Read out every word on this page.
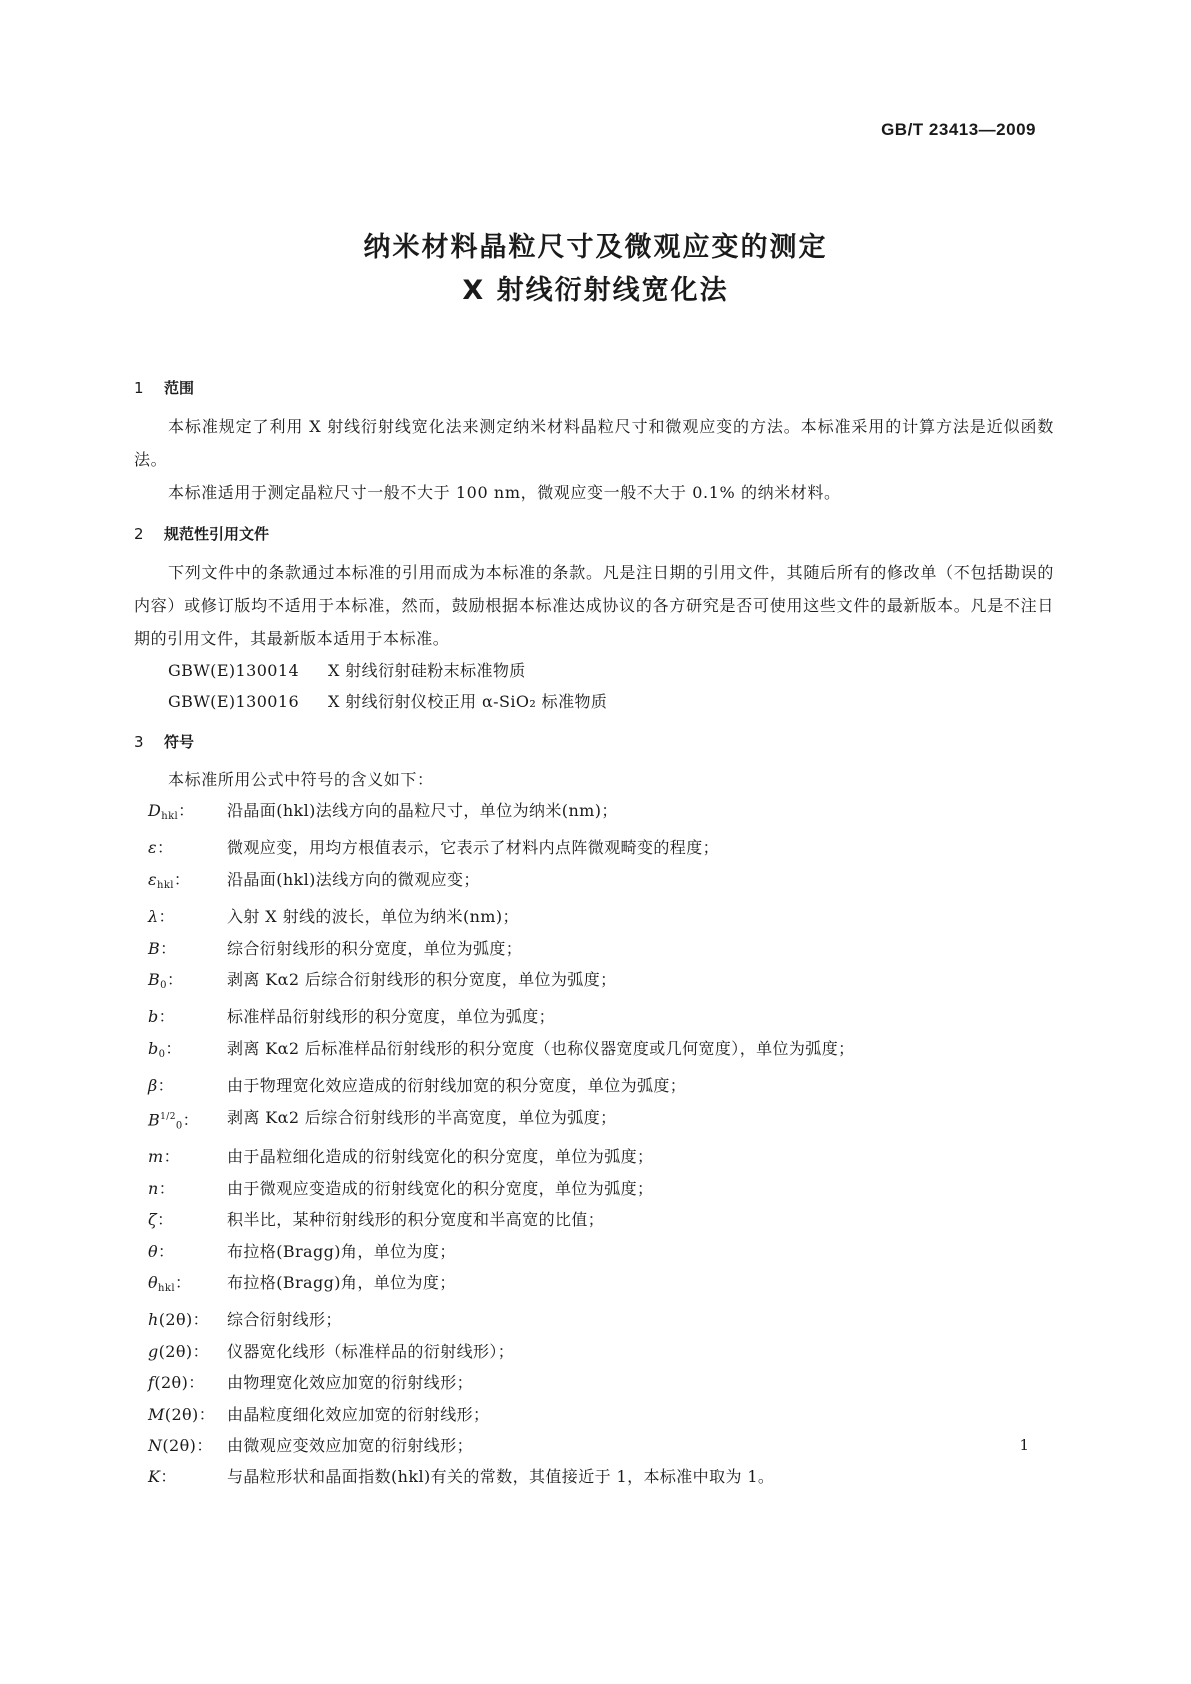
GB/T 23413—2009
纳米材料晶粒尺寸及微观应变的测定
X 射线衍射线宽化法
1 范围

本标准规定了利用 X 射线衍射线宽化法来测定纳米材料晶粒尺寸和微观应变的方法。本标准采用的计算方法是近似函数法。

本标准适用于测定晶粒尺寸一般不大于 100 nm，微观应变一般不大于 0.1% 的纳米材料。

2 规范性引用文件

下列文件中的条款通过本标准的引用而成为本标准的条款。凡是注日期的引用文件，其随后所有的修改单（不包括勘误的内容）或修订版均不适用于本标准，然而，鼓励根据本标准达成协议的各方研究是否可使用这些文件的最新版本。凡是不注日期的引用文件，其最新版本适用于本标准。

GBW(E)130014 X 射线衍射硅粉末标准物质
GBW(E)130016 X 射线衍射仪校正用 α-SiO₂ 标准物质
3 符号

本标准所用公式中符号的含义如下：

$D_{hkl}$：	沿晶面(hkl)法线方向的晶粒尺寸，单位为纳米(nm)；
ε：	微观应变，用均方根值表示，它表示了材料内点阵微观畸变的程度；
$\varepsilon_{hkl}$：	沿晶面(hkl)法线方向的微观应变；
λ：	入射 X 射线的波长，单位为纳米(nm)；
B：	综合衍射线形的积分宽度，单位为弧度；
$B_0$：	剥离 Kα2 后综合衍射线形的积分宽度，单位为弧度；
b：	标准样品衍射线形的积分宽度，单位为弧度；
$b_0$：	剥离 Kα2 后标准样品衍射线形的积分宽度（也称仪器宽度或几何宽度），单位为弧度；
β：	由于物理宽化效应造成的衍射线加宽的积分宽度，单位为弧度；
$B^{1/2}_0$：	剥离 Kα2 后综合衍射线形的半高宽度，单位为弧度；
m：	由于晶粒细化造成的衍射线宽化的积分宽度，单位为弧度；
n：	由于微观应变造成的衍射线宽化的积分宽度，单位为弧度；
ζ：	积半比，某种衍射线形的积分宽度和半高宽的比值；
θ：	布拉格(Bragg)角，单位为度；
$\theta_{hkl}$：	布拉格(Bragg)角，单位为度；
h(2θ)：	综合衍射线形；
g(2θ)：	仪器宽化线形（标准样品的衍射线形）；
f(2θ)：	由物理宽化效应加宽的衍射线形；
M(2θ)： 由晶粒度细化效应加宽的衍射线形；
N(2θ)： 由微观应变效应加宽的衍射线形；
K：	与晶粒形状和晶面指数(hkl)有关的常数，其值接近于 1，本标准中取为 1。
1
